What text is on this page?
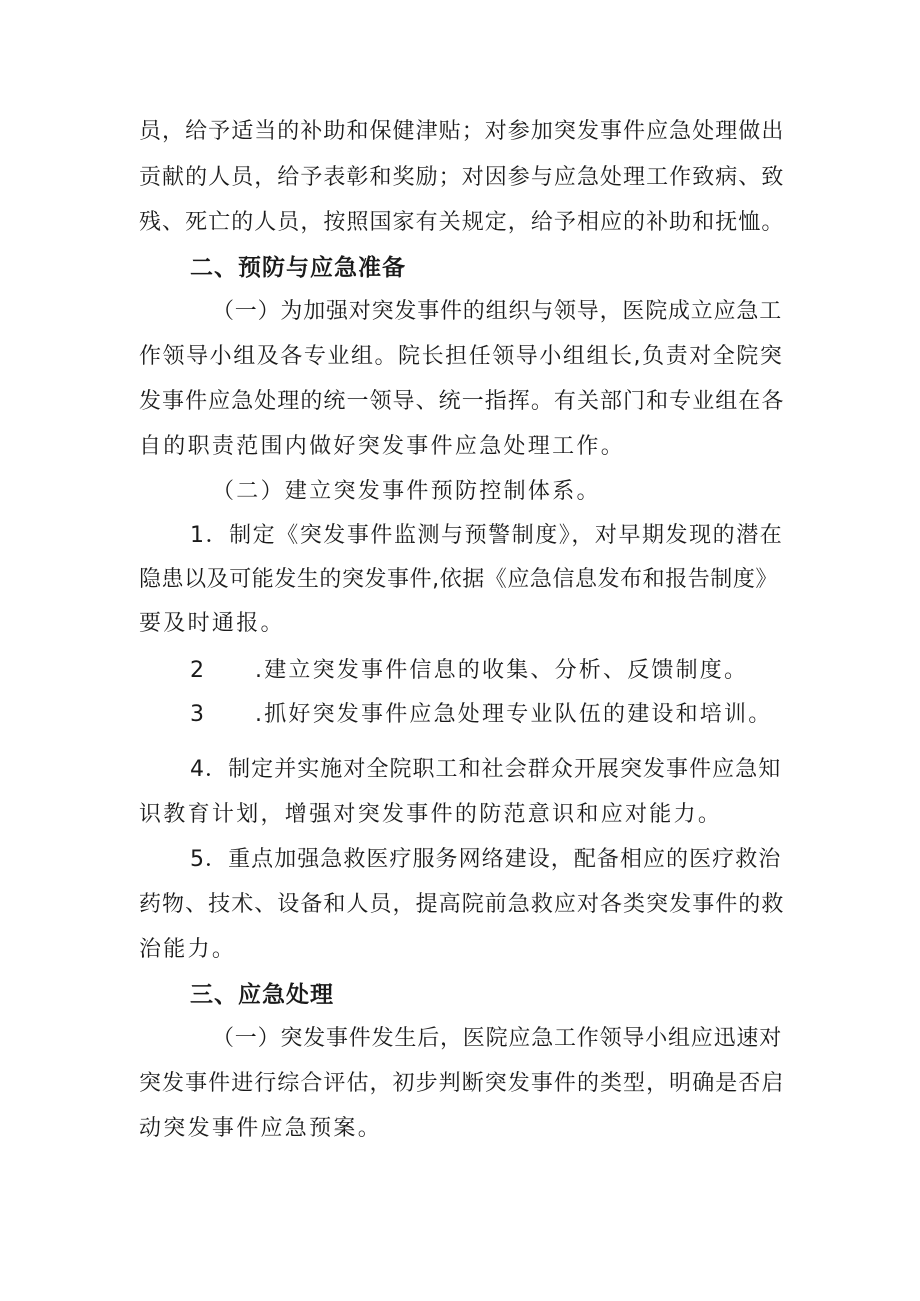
员，给予适当的补助和保健津贴；对参加突发事件应急处理做出
贡献的人员，给予表彰和奖励；对因参与应急处理工作致病、致
残、死亡的人员，按照国家有关规定，给予相应的补助和抚恤。
二、预防与应急准备
（一）为加强对突发事件的组织与领导，医院成立应急工
作领导小组及各专业组。院长担任领导小组组长,负责对全院突
发事件应急处理的统一领导、统一指挥。有关部门和专业组在各
自的职责范围内做好突发事件应急处理工作。
（二）建立突发事件预防控制体系。
1．制定《突发事件监测与预警制度》，对早期发现的潜在
隐患以及可能发生的突发事件,依据《应急信息发布和报告制度》
要及时通报。
2 .建立突发事件信息的收集、分析、反馈制度。
3 .抓好突发事件应急处理专业队伍的建设和培训。
4．制定并实施对全院职工和社会群众开展突发事件应急知
识教育计划，增强对突发事件的防范意识和应对能力。
5．重点加强急救医疗服务网络建设，配备相应的医疗救治
药物、技术、设备和人员，提高院前急救应对各类突发事件的救
治能力。
三、应急处理
（一）突发事件发生后，医院应急工作领导小组应迅速对
突发事件进行综合评估，初步判断突发事件的类型，明确是否启
动突发事件应急预案。
